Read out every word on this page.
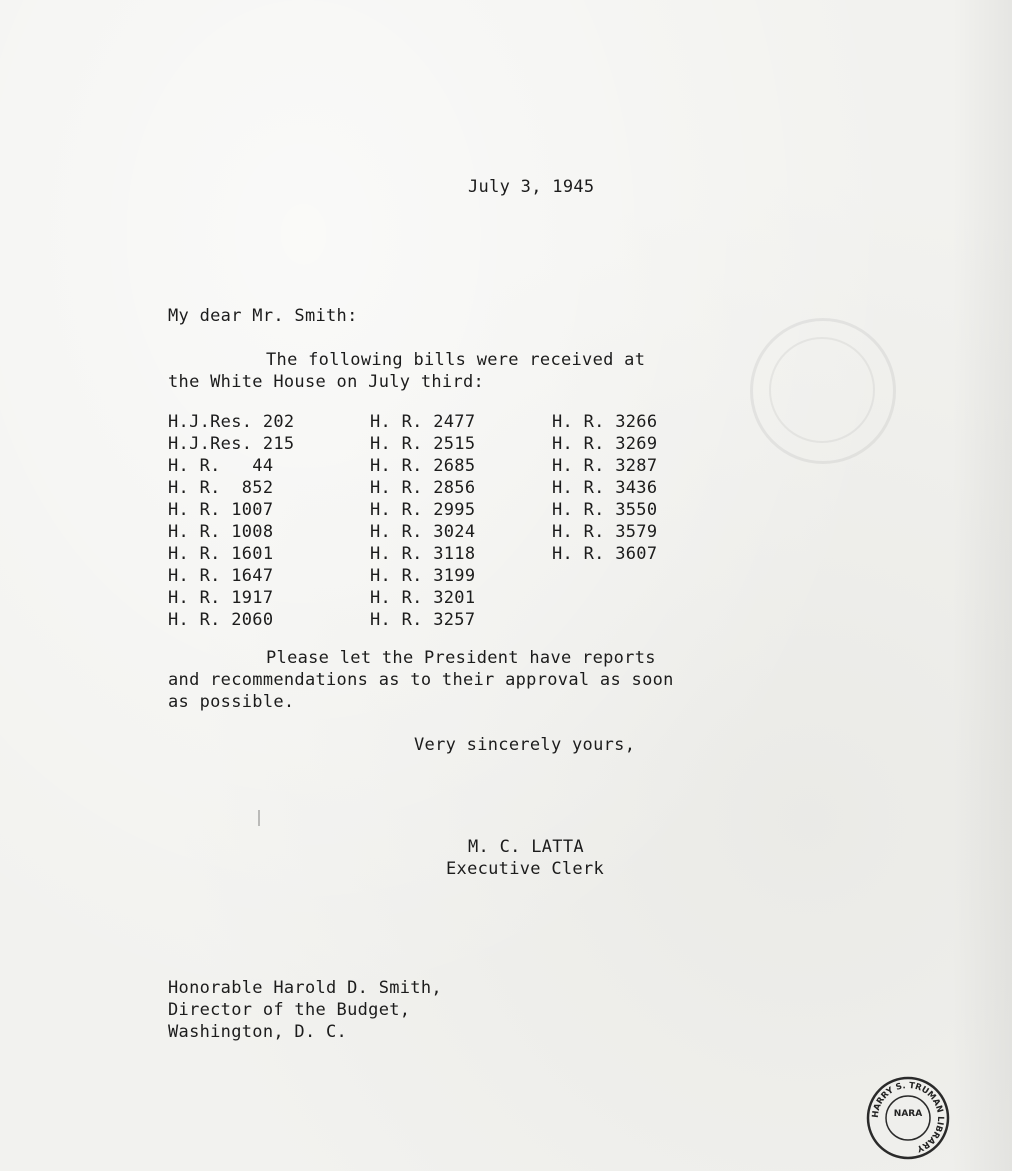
July 3, 1945
My dear Mr. Smith:
The following bills were received at
the White House on July third:
H.J.Res. 202
H.J.Res. 215
H. R.   44
H. R.  852
H. R. 1007
H. R. 1008
H. R. 1601
H. R. 1647
H. R. 1917
H. R. 2060
H. R. 2477
H. R. 2515
H. R. 2685
H. R. 2856
H. R. 2995
H. R. 3024
H. R. 3118
H. R. 3199
H. R. 3201
H. R. 3257
H. R. 3266
H. R. 3269
H. R. 3287
H. R. 3436
H. R. 3550
H. R. 3579
H. R. 3607
Please let the President have reports
and recommendations as to their approval as soon
as possible.
Very sincerely yours,
M. C. LATTA
Executive Clerk
Honorable Harold D. Smith,
Director of the Budget,
Washington, D. C.
HARRY S. TRUMAN LIBRARY
NARA
